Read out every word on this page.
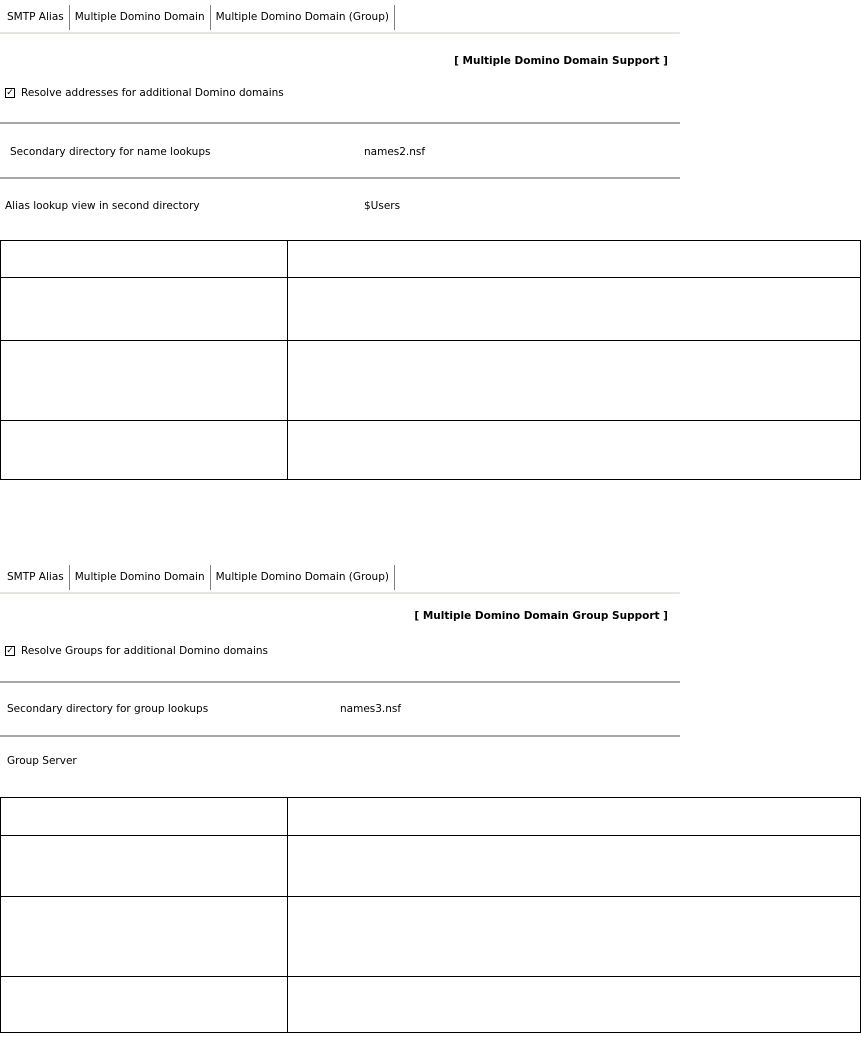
SMTP Alias	Multiple Domino Domain	Multiple Domino Domain (Group)
[ Multiple Domino Domain Support ]
✓ Resolve addresses for additional Domino domains
Secondary directory for name lookups	names2.nsf
Alias lookup view in second directory	$Users

SMTP Alias	Multiple Domino Domain	Multiple Domino Domain (Group)
[ Multiple Domino Domain Group Support ]
✓ Resolve Groups for additional Domino domains
Secondary directory for group lookups	names3.nsf
Group Server
